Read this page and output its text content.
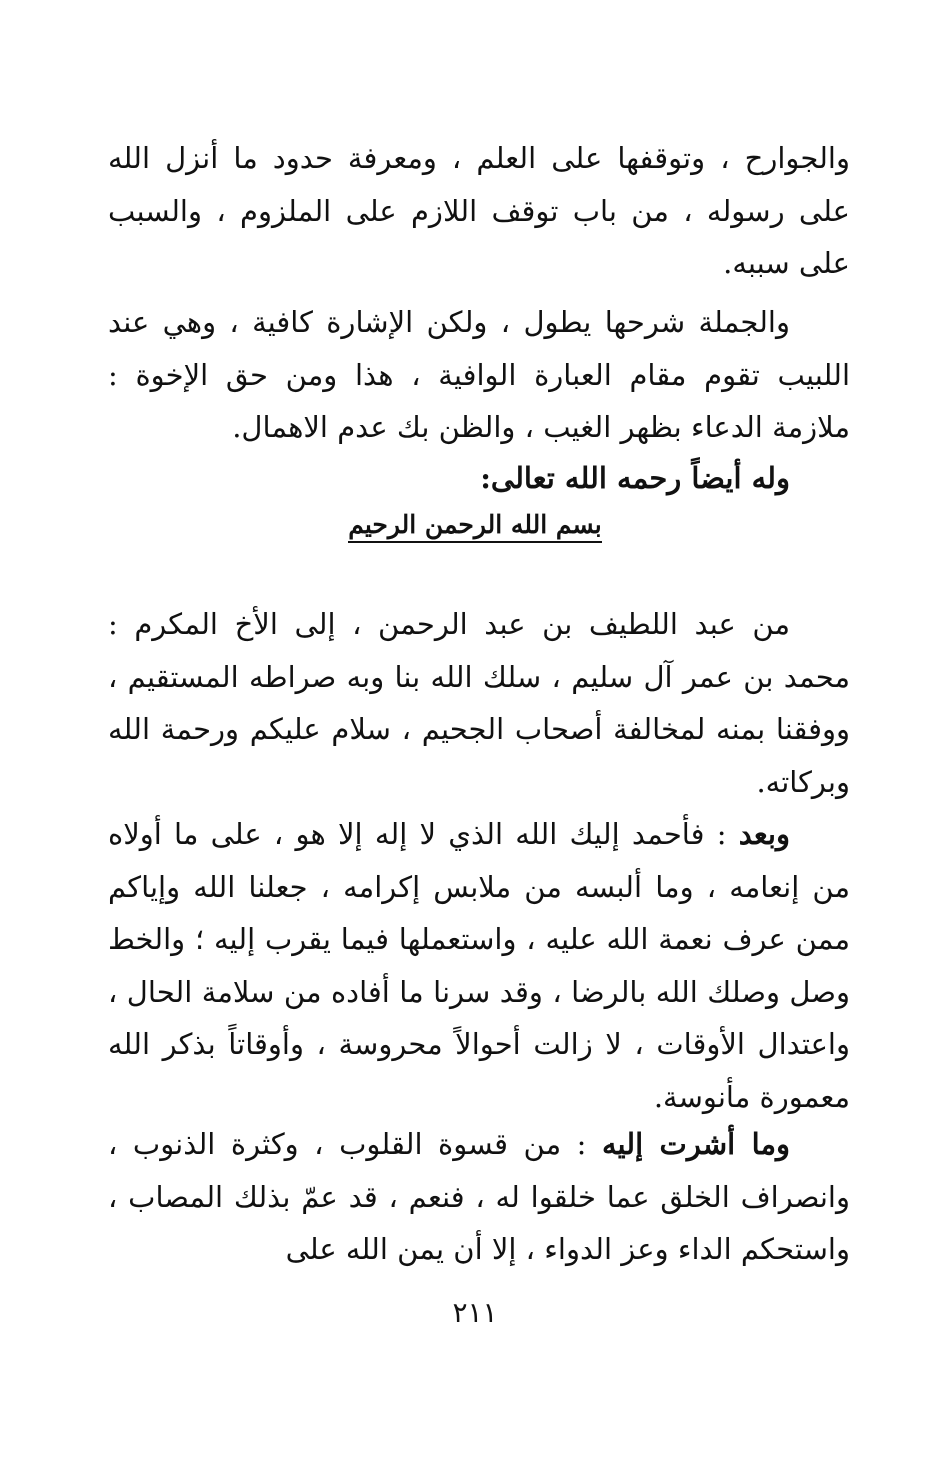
والجوارح ، وتوقفها على العلم ، ومعرفة حدود ما أنزل الله على رسوله ، من باب توقف اللازم على الملزوم ، والسبب على سببه.

والجملة شرحها يطول ، ولكن الإشارة كافية ، وهي عند اللبيب تقوم مقام العبارة الوافية ، هذا ومن حق الإخوة : ملازمة الدعاء بظهر الغيب ، والظن بك عدم الاهمال.

وله أيضاً رحمه الله تعالى:

بسم الله الرحمن الرحيم

من عبد اللطيف بن عبد الرحمن ، إلى الأخ المكرم : محمد بن عمر آل سليم ، سلك الله بنا وبه صراطه المستقيم ، ووفقنا بمنه لمخالفة أصحاب الجحيم ، سلام عليكم ورحمة الله وبركاته.

وبعد : فأحمد إليك الله الذي لا إله إلا هو ، على ما أولاه من إنعامه ، وما ألبسه من ملابس إكرامه ، جعلنا الله وإياكم ممن عرف نعمة الله عليه ، واستعملها فيما يقرب إليه ؛ والخط وصل وصلك الله بالرضا ، وقد سرنا ما أفاده من سلامة الحال ، واعتدال الأوقات ، لا زالت أحوالاً محروسة ، وأوقاتاً بذكر الله معمورة مأنوسة.

وما أشرت إليه : من قسوة القلوب ، وكثرة الذنوب ، وانصراف الخلق عما خلقوا له ، فنعم ، قد عمّ بذلك المصاب ، واستحكم الداء وعز الدواء ، إلا أن يمن الله على

٢١١
